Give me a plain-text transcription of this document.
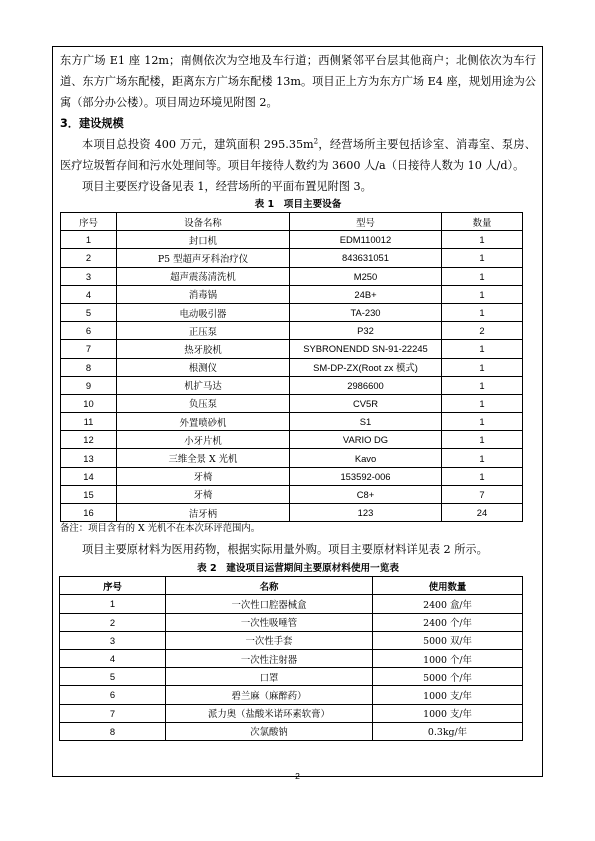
东方广场 E1 座 12m；南侧依次为空地及车行道；西侧紧邻平台层其他商户；北侧依次为车行道、东方广场东配楼，距离东方广场东配楼 13m。项目正上方为东方广场 E4 座，规划用途为公寓（部分办公楼）。项目周边环境见附图 2。

3．建设规模

本项目总投资 400 万元，建筑面积 $295.35m^2$，经营场所主要包括诊室、消毒室、泵房、医疗垃圾暂存间和污水处理间等。项目年接待人数约为 3600 人/a（日接待人数为 10 人/d）。

项目主要医疗设备见表 1，经营场所的平面布置见附图 3。

表 1　项目主要设备
序号	设备名称	型号	数量
1	封口机	EDM110012	1
2	P5 型超声牙科治疗仪	843631051	1
3	超声震荡清洗机	M250	1
4	消毒锅	24B+	1
5	电动吸引器	TA-230	1
6	正压泵	P32	2
7	热牙胶机	SYBRONENDD SN-91-22245	1
8	根测仪	SM-DP-ZX(Root zx 模式)	1
9	机扩马达	2986600	1
10	负压泵	CV5R	1
11	外置喷砂机	S1	1
12	小牙片机	VARIO DG	1
13	三维全景 X 光机	Kavo	1
14	牙椅	153592-006	1
15	牙椅	C8+	7
16	洁牙柄	123	24
备注：项目含有的 X 光机不在本次环评范围内。

项目主要原材料为医用药物，根据实际用量外购。项目主要原材料详见表 2 所示。

表 2　建设项目运营期间主要原材料使用一览表
序号	名称	使用数量
1	一次性口腔器械盒	2400 盒/年
2	一次性吸唾管	2400 个/年
3	一次性手套	5000 双/年
4	一次性注射器	1000 个/年
5	口罩	5000 个/年
6	碧兰麻（麻醉药）	1000 支/年
7	派力奥（盐酸米诺环素软膏）	1000 支/年
8	次氯酸钠	0.3kg/年
2
